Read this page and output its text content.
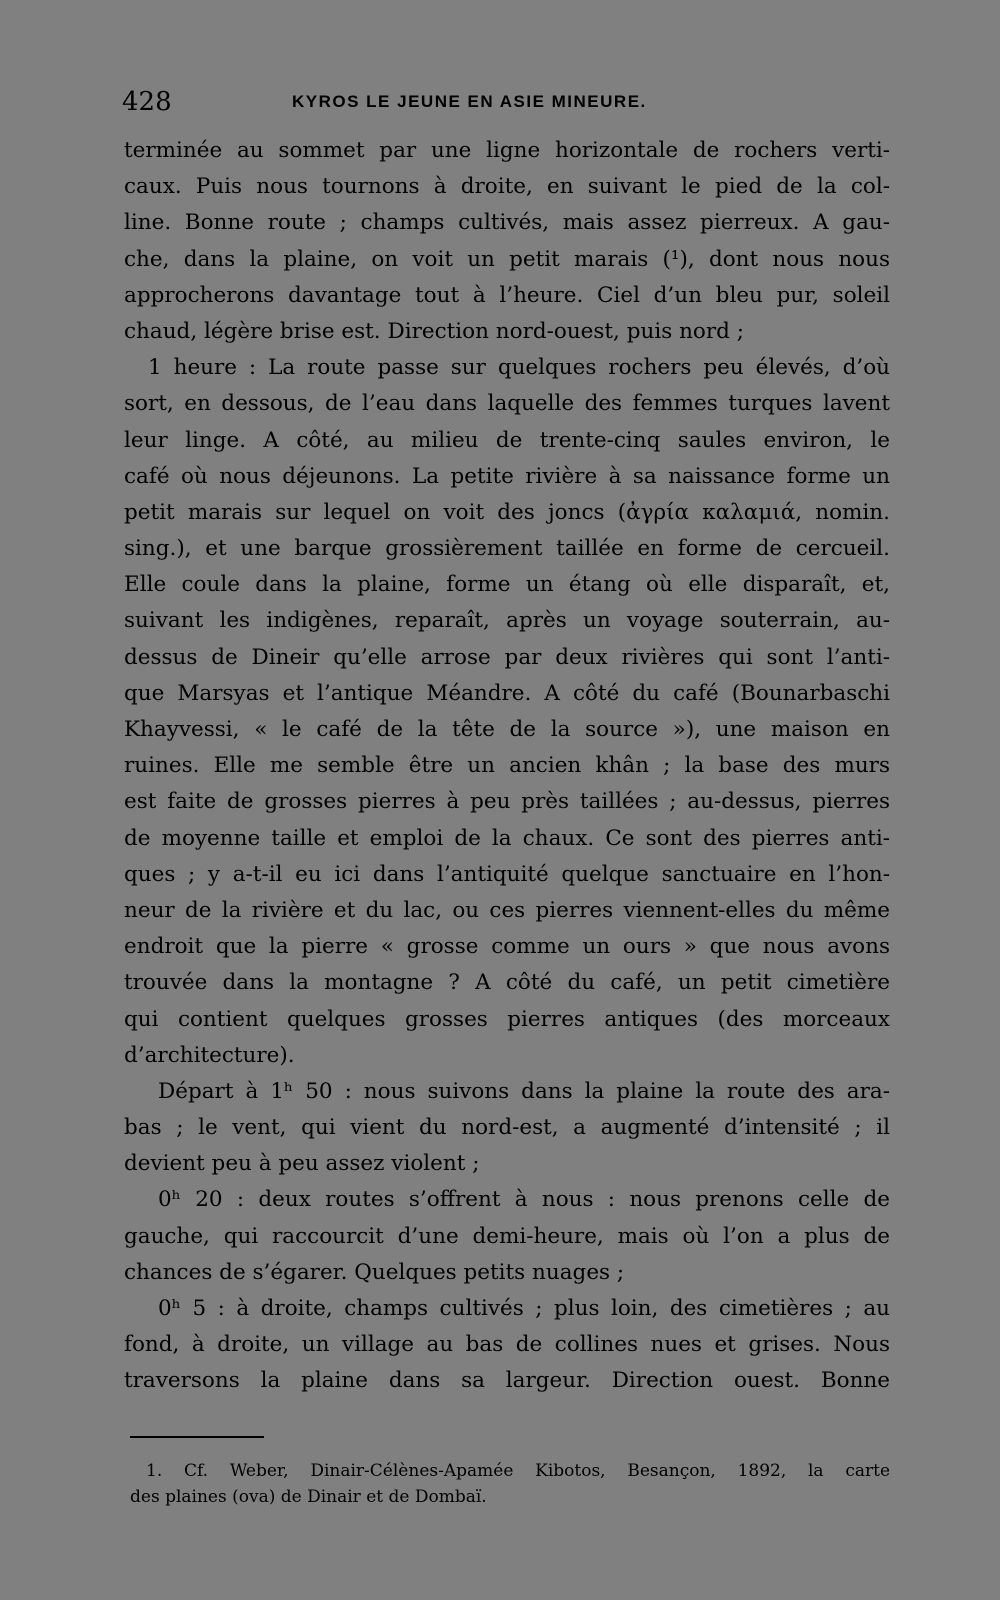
428	KYROS LE JEUNE EN ASIE MINEURE.
terminée au sommet par une ligne horizontale de rochers verti-
caux. Puis nous tournons à droite, en suivant le pied de la col-
line. Bonne route ; champs cultivés, mais assez pierreux. A gau-
che, dans la plaine, on voit un petit marais (¹), dont nous nous
approcherons davantage tout à l’heure. Ciel d’un bleu pur, soleil
chaud, légère brise est. Direction nord-ouest, puis nord ;
1 heure : La route passe sur quelques rochers peu élevés, d’où
sort, en dessous, de l’eau dans laquelle des femmes turques lavent
leur linge. A côté, au milieu de trente-cinq saules environ, le
café où nous déjeunons. La petite rivière à sa naissance forme un
petit marais sur lequel on voit des joncs (ἀγρία καλαμιά, nomin.
sing.), et une barque grossièrement taillée en forme de cercueil.
Elle coule dans la plaine, forme un étang où elle disparaît, et,
suivant les indigènes, reparaît, après un voyage souterrain, au-
dessus de Dineir qu’elle arrose par deux rivières qui sont l’anti-
que Marsyas et l’antique Méandre. A côté du café (Bounarbaschi
Khayvessi, « le café de la tête de la source »), une maison en
ruines. Elle me semble être un ancien khân ; la base des murs
est faite de grosses pierres à peu près taillées ; au-dessus, pierres
de moyenne taille et emploi de la chaux. Ce sont des pierres anti-
ques ; y a-t-il eu ici dans l’antiquité quelque sanctuaire en l’hon-
neur de la rivière et du lac, ou ces pierres viennent-elles du même
endroit que la pierre « grosse comme un ours » que nous avons
trouvée dans la montagne ? A côté du café, un petit cimetière
qui contient quelques grosses pierres antiques (des morceaux
d’architecture).
Départ à 1ʰ 50 : nous suivons dans la plaine la route des ara-
bas ; le vent, qui vient du nord-est, a augmenté d’intensité ; il
devient peu à peu assez violent ;
0ʰ 20 : deux routes s’offrent à nous : nous prenons celle de
gauche, qui raccourcit d’une demi-heure, mais où l’on a plus de
chances de s’égarer. Quelques petits nuages ;
0ʰ 5 : à droite, champs cultivés ; plus loin, des cimetières ; au
fond, à droite, un village au bas de collines nues et grises. Nous
traversons la plaine dans sa largeur. Direction ouest. Bonne
1. Cf. Weber, Dinair-Célènes-Apamée Kibotos, Besançon, 1892, la carte
des plaines (ova) de Dinair et de Dombaï.
